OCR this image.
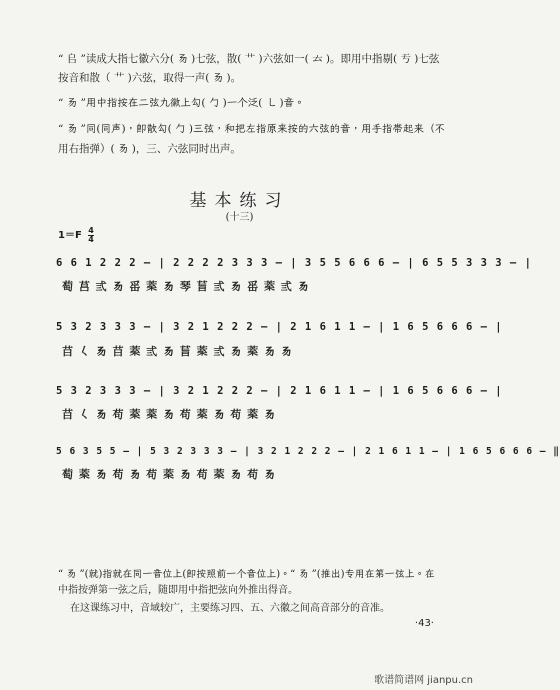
“ 𠂤 ”读成大指七徽六分( 𠃓 )七弦，散( 艹 )六弦如一( 𠫓 )。即用中指剔( 亐 )七弦
按音和散（ 艹 )六弦，取得一声( 𠃓 )。
“ 𠃓 ”用中指按在二弦九徽上勾( 勹 )一个泛( ㇄ )音。
“ 𠃓 ”同(同声)，即散勾( 勹 )三弦，和把左指原来按的六弦的音，用手指带起来（不
用右指弹）( 𠃓 )，三、六弦同时出声。
基本练习
(十三)
$1=F \frac{4}{4}$
6 6 1 2 2 2 — | 2 2 2 2 3 3 3 — | 3 5 5 6 6 6 — | 6 5 5 3 3 3 — |
萄 莒 弎 𠃓 䍃 𦯧 𠃓 琴 𦮂 弎 𠃓 䍃 𦯧 弎 𠃓
5 3 2 3 3 3 — | 3 2 1 2 2 2 — | 2 1 6 1 1 — | 1 6 5 6 6 6 — |
䒤 𡿨 𠃓 䒤 𦯧 弎 𠃓 𦮂 𦯧 弎 𠃓 𦯧 𠃓 𠃓
5 3 2 3 3 3 — | 3 2 1 2 2 2 — | 2 1 6 1 1 — | 1 6 5 6 6 6 — |
䒤 𡿨 𠃓 苟 𦯧 𦯧 𠃓 苟 𦯧 𠃓 苟 𦯧 𠃓
5 6 3 5 5 — | 5 3 2 3 3 3 — | 3 2 1 2 2 2 — | 2 1 6 1 1 — | 1 6 5 6 6 6 — ‖
萄 𦯧 𠃓 苟 𠃓 苟 𦯧 𠃓 苟 𦯧 𠃓 苟 𠃓
“ 𠃓 ”(就)指就在同一音位上(即按照前一个音位上)。“ 𠃓 ”(推出)专用在第一弦上。在
中指按弹第一弦之后，随即用中指把弦向外推出得音。
在这课练习中，音域较广，主要练习四、五、六徽之间高音部分的音准。
·43·
歌谱简谱网 jianpu.cn
